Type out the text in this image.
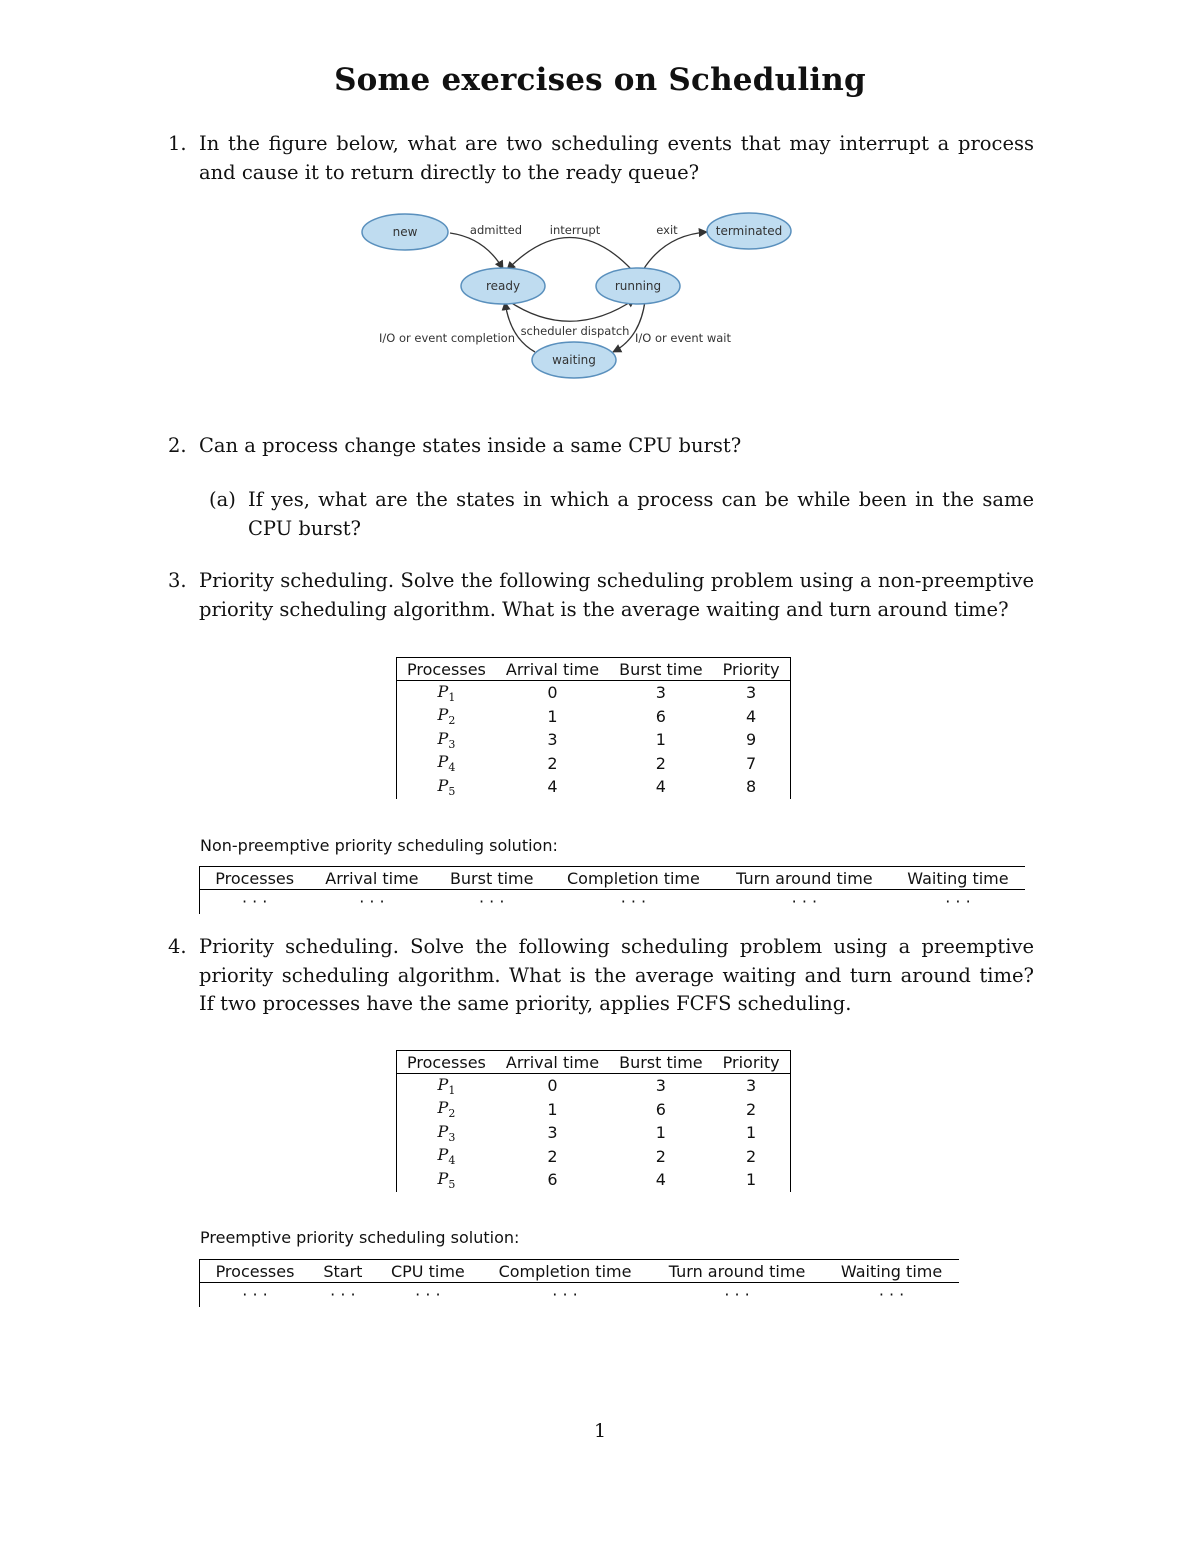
Some exercises on Scheduling
1. In the figure below, what are two scheduling events that may interrupt a process
and cause it to return directly to the ready queue?
new	terminated
ready	running
waiting
admitted interrupt	exit
scheduler dispatch
I/O or event completion	I/O or event wait
2. Can a process change states inside a same CPU burst?
(a) If yes, what are the states in which a process can be while been in the same
CPU burst?
3. Priority scheduling. Solve the following scheduling problem using a non-preemptive
priority scheduling algorithm. What is the average waiting and turn around time?
Processes	Arrival time	Burst time	Priority
$P_1$	0	3	3
$P_2$	1	6	4
$P_3$	3	1	9
$P_4$	2	2	7
$P_5$	4	4	8
Non-preemptive priority scheduling solution:
Processes	Arrival time	Burst time	Completion time	Turn around time	Waiting time
· · ·	· · ·	· · ·	· · ·	· · ·	· · ·
4. Priority scheduling. Solve the following scheduling problem using a preemptive
priority scheduling algorithm. What is the average waiting and turn around time?
If two processes have the same priority, applies FCFS scheduling.
Processes	Arrival time	Burst time	Priority
$P_1$	0	3	3
$P_2$	1	6	2
$P_3$	3	1	1
$P_4$	2	2	2
$P_5$	6	4	1
Preemptive priority scheduling solution:
Processes	Start	CPU time	Completion time	Turn around time	Waiting time
· · ·	· · ·	· · ·	· · ·	· · ·	· · ·
1
